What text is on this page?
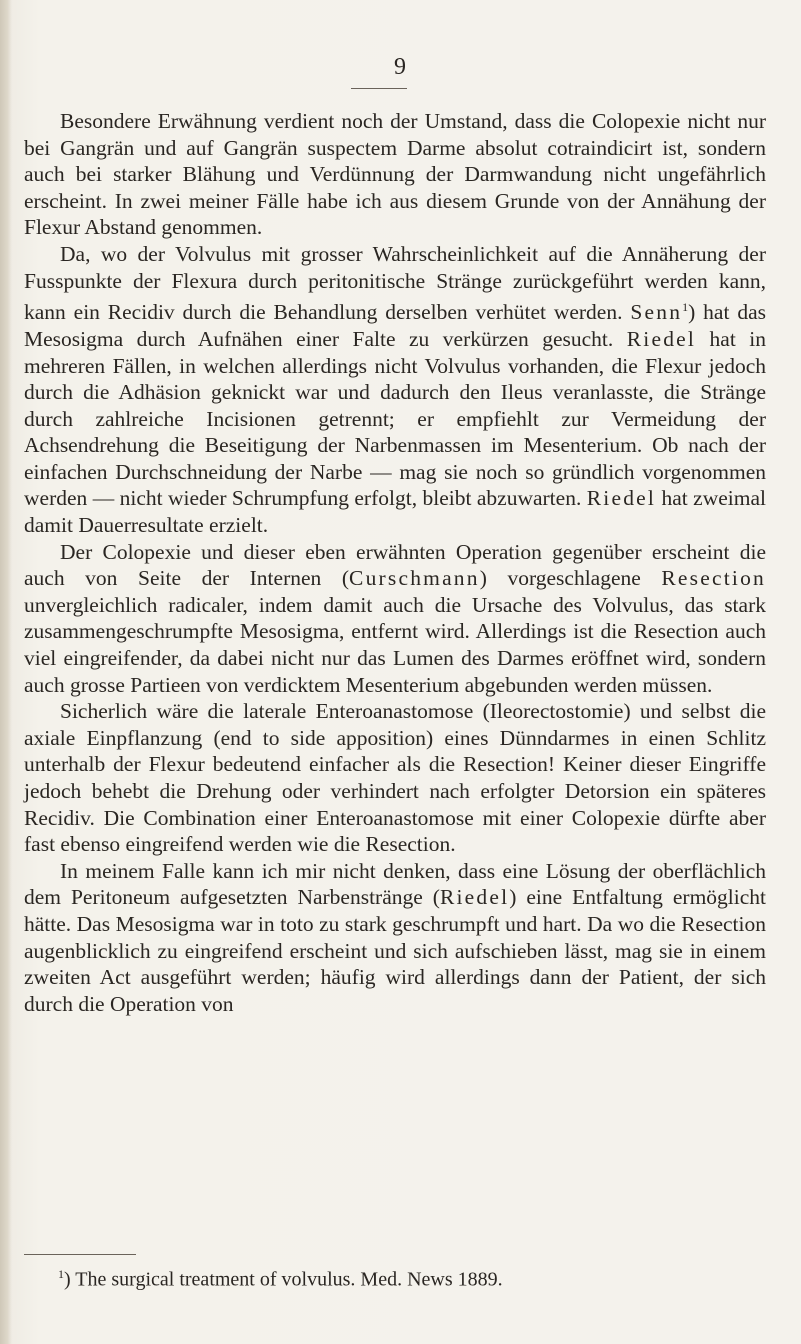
9

Besondere Erwähnung verdient noch der Umstand, dass die Colopexie nicht nur bei Gangrän und auf Gangrän suspectem Darme absolut cotraindicirt ist, sondern auch bei starker Blähung und Verdünnung der Darmwandung nicht ungefährlich erscheint. In zwei meiner Fälle habe ich aus diesem Grunde von der Annähung der Flexur Abstand genommen.

Da, wo der Volvulus mit grosser Wahrscheinlichkeit auf die Annäherung der Fusspunkte der Flexura durch peritonitische Stränge zurückgeführt werden kann, kann ein Recidiv durch die Behandlung derselben verhütet werden. Senn$^1$) hat das Mesosigma durch Aufnähen einer Falte zu verkürzen gesucht. Riedel hat in mehreren Fällen, in welchen allerdings nicht Volvulus vorhanden, die Flexur jedoch durch die Adhäsion geknickt war und dadurch den Ileus veranlasste, die Stränge durch zahlreiche Incisionen getrennt; er empfiehlt zur Vermeidung der Achsendrehung die Beseitigung der Narbenmassen im Mesenterium. Ob nach der einfachen Durchschneidung der Narbe — mag sie noch so gründlich vorgenommen werden — nicht wieder Schrumpfung erfolgt, bleibt abzuwarten. Riedel hat zweimal damit Dauerresultate erzielt.

Der Colopexie und dieser eben erwähnten Operation gegenüber erscheint die auch von Seite der Internen (Curschmann) vorgeschlagene Resection unvergleichlich radicaler, indem damit auch die Ursache des Volvulus, das stark zusammengeschrumpfte Mesosigma, entfernt wird. Allerdings ist die Resection auch viel eingreifender, da dabei nicht nur das Lumen des Darmes eröffnet wird, sondern auch grosse Partieen von verdicktem Mesenterium abgebunden werden müssen.

Sicherlich wäre die laterale Enteroanastomose (Ileorectostomie) und selbst die axiale Einpflanzung (end to side apposition) eines Dünndarmes in einen Schlitz unterhalb der Flexur bedeutend einfacher als die Resection! Keiner dieser Eingriffe jedoch behebt die Drehung oder verhindert nach erfolgter Detorsion ein späteres Recidiv. Die Combination einer Enteroanastomose mit einer Colopexie dürfte aber fast ebenso eingreifend werden wie die Resection.

In meinem Falle kann ich mir nicht denken, dass eine Lösung der oberflächlich dem Peritoneum aufgesetzten Narbenstränge (Riedel) eine Entfaltung ermöglicht hätte. Das Mesosigma war in toto zu stark geschrumpft und hart. Da wo die Resection augenblicklich zu eingreifend erscheint und sich aufschieben lässt, mag sie in einem zweiten Act ausgeführt werden; häufig wird allerdings dann der Patient, der sich durch die Operation von

$^1$) The surgical treatment of volvulus. Med. News 1889.
